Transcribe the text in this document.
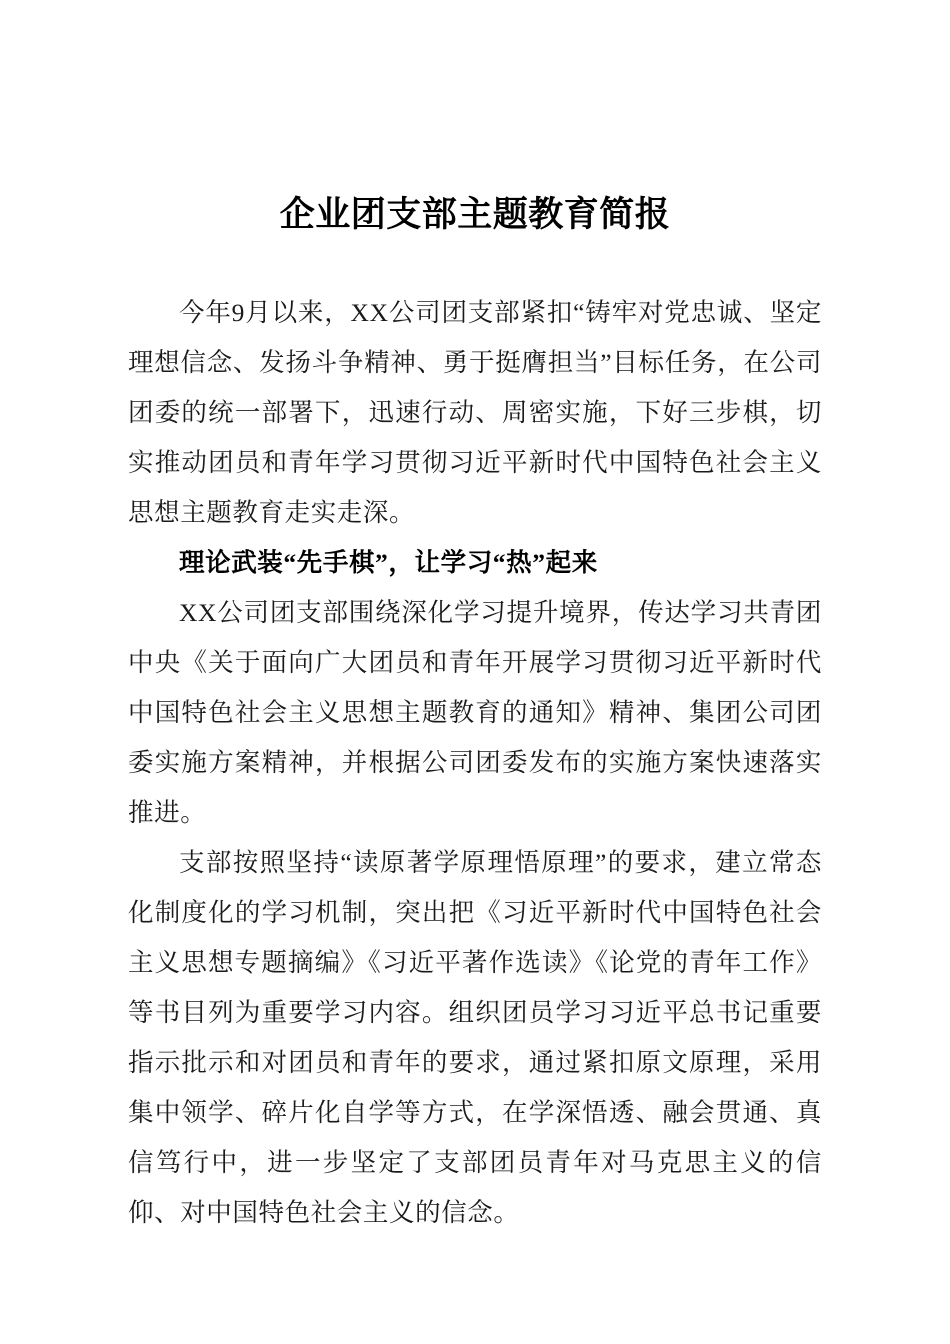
企业团支部主题教育简报

今年9月以来，XX公司团支部紧扣“铸牢对党忠诚、坚定理想信念、发扬斗争精神、勇于挺膺担当”目标任务，在公司团委的统一部署下，迅速行动、周密实施，下好三步棋，切实推动团员和青年学习贯彻习近平新时代中国特色社会主义思想主题教育走实走深。

理论武装“先手棋”，让学习“热”起来

XX公司团支部围绕深化学习提升境界，传达学习共青团中央《关于面向广大团员和青年开展学习贯彻习近平新时代中国特色社会主义思想主题教育的通知》精神、集团公司团委实施方案精神，并根据公司团委发布的实施方案快速落实推进。

支部按照坚持“读原著学原理悟原理”的要求，建立常态化制度化的学习机制，突出把《习近平新时代中国特色社会主义思想专题摘编》《习近平著作选读》《论党的青年工作》等书目列为重要学习内容。组织团员学习习近平总书记重要指示批示和对团员和青年的要求，通过紧扣原文原理，采用集中领学、碎片化自学等方式，在学深悟透、融会贯通、真信笃行中，进一步坚定了支部团员青年对马克思主义的信仰、对中国特色社会主义的信念。
